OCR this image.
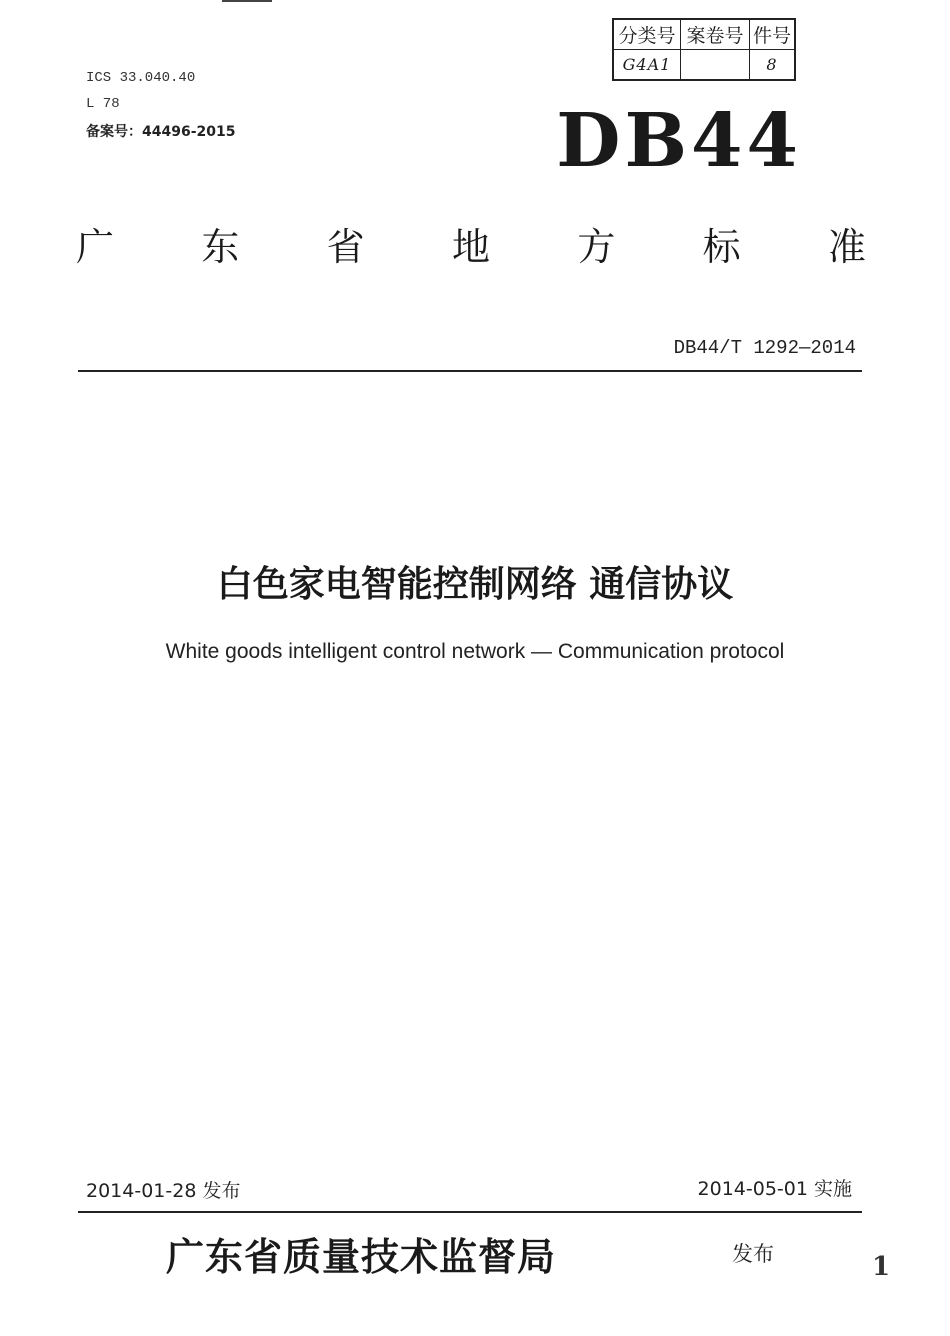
分类号	案卷号	件号
G4A1		8
ICS 33.040.40
L 78
备案号：44496-2015	DB44
广 东 省 地 方 标 准
DB44/T 1292—2014
白色家电智能控制网络 通信协议
White goods intelligent control network — Communication protocol
2014-01-28 发布	2014-05-01 实施
广东省质量技术监督局	发布	1
